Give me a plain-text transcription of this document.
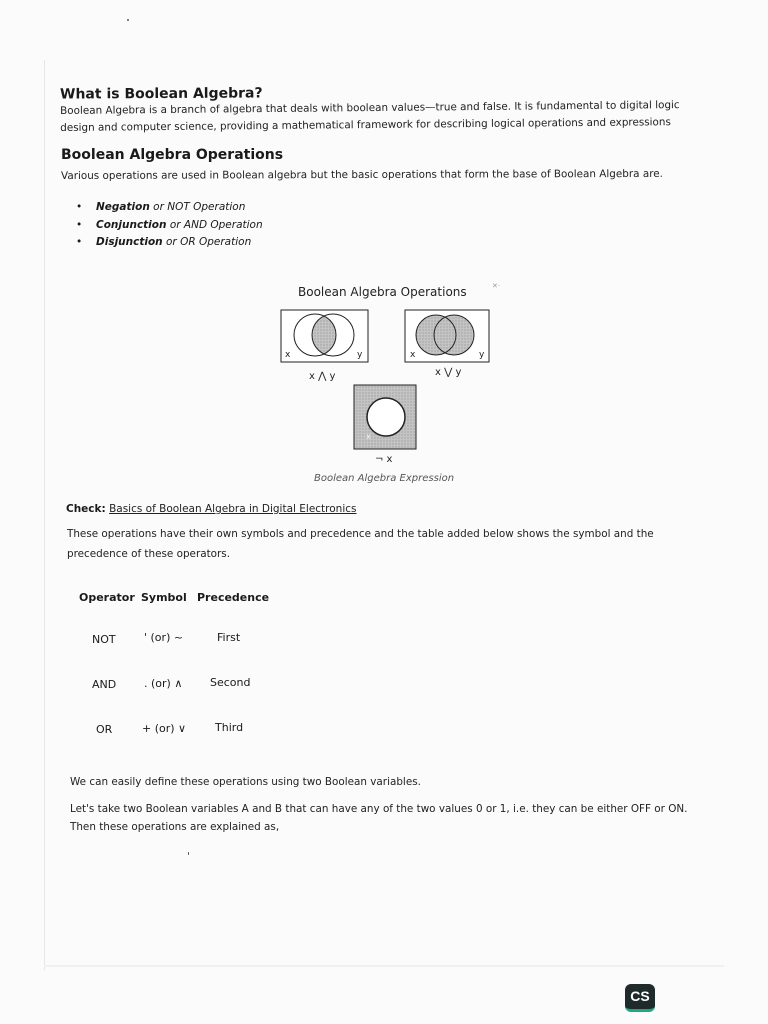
What is Boolean Algebra?
Boolean Algebra is a branch of algebra that deals with boolean values—true and false. It is fundamental to digital logic
design and computer science, providing a mathematical framework for describing logical operations and expressions
Boolean Algebra Operations
Various operations are used in Boolean algebra but the basic operations that form the base of Boolean Algebra are.
• Negation or NOT Operation
• Conjunction or AND Operation
• Disjunction or OR Operation
Boolean Algebra Operations	✕·
x	y
x ⋀ y
x	y
x ⋁ y
x
¬ x
Boolean Algebra Expression
Check: Basics of Boolean Algebra in Digital Electronics
These operations have their own symbols and precedence and the table added below shows the symbol and the
precedence of these operators.
Operator Symbol Precedence
NOT	' (or) ~	First
AND	. (or) ∧	Second
OR	+ (or) ∨	Third
We can easily define these operations using two Boolean variables.
Let's take two Boolean variables A and B that can have any of the two values 0 or 1, i.e. they can be either OFF or ON.
Then these operations are explained as,
CS
